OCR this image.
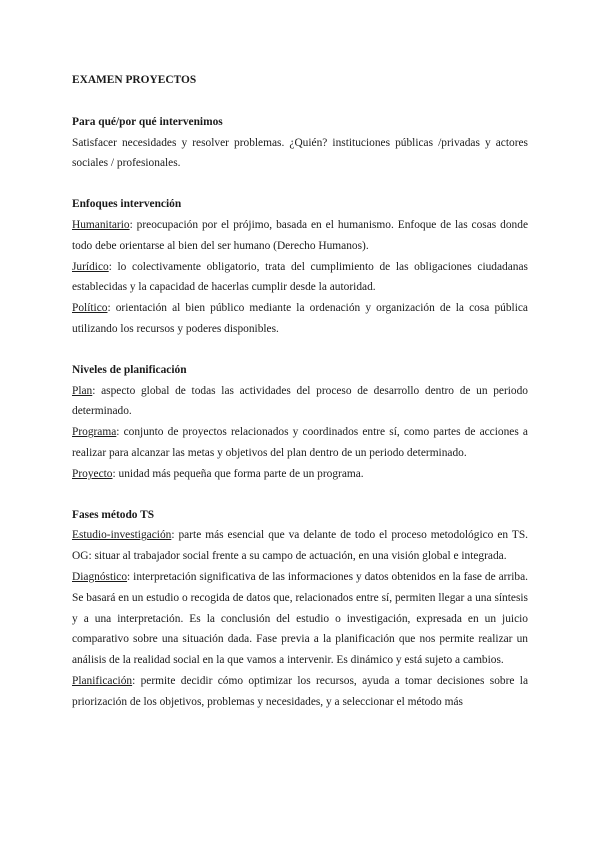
EXAMEN PROYECTOS

Para qué/por qué intervenimos

Satisfacer necesidades y resolver problemas. ¿Quién? instituciones públicas /privadas y actores sociales / profesionales.

Enfoques intervención

Humanitario: preocupación por el prójimo, basada en el humanismo. Enfoque de las cosas donde todo debe orientarse al bien del ser humano (Derecho Humanos).

Jurídico: lo colectivamente obligatorio, trata del cumplimiento de las obligaciones ciudadanas establecidas y la capacidad de hacerlas cumplir desde la autoridad.

Político: orientación al bien público mediante la ordenación y organización de la cosa pública utilizando los recursos y poderes disponibles.

Niveles de planificación

Plan: aspecto global de todas las actividades del proceso de desarrollo dentro de un periodo determinado.

Programa: conjunto de proyectos relacionados y coordinados entre sí, como partes de acciones a realizar para alcanzar las metas y objetivos del plan dentro de un periodo determinado.

Proyecto: unidad más pequeña que forma parte de un programa.

Fases método TS

Estudio-investigación: parte más esencial que va delante de todo el proceso metodológico en TS. OG: situar al trabajador social frente a su campo de actuación, en una visión global e integrada.

Diagnóstico: interpretación significativa de las informaciones y datos obtenidos en la fase de arriba. Se basará en un estudio o recogida de datos que, relacionados entre sí, permiten llegar a una síntesis y a una interpretación. Es la conclusión del estudio o investigación, expresada en un juicio comparativo sobre una situación dada. Fase previa a la planificación que nos permite realizar un análisis de la realidad social en la que vamos a intervenir. Es dinámico y está sujeto a cambios.

Planificación: permite decidir cómo optimizar los recursos, ayuda a tomar decisiones sobre la priorización de los objetivos, problemas y necesidades, y a seleccionar el método más
